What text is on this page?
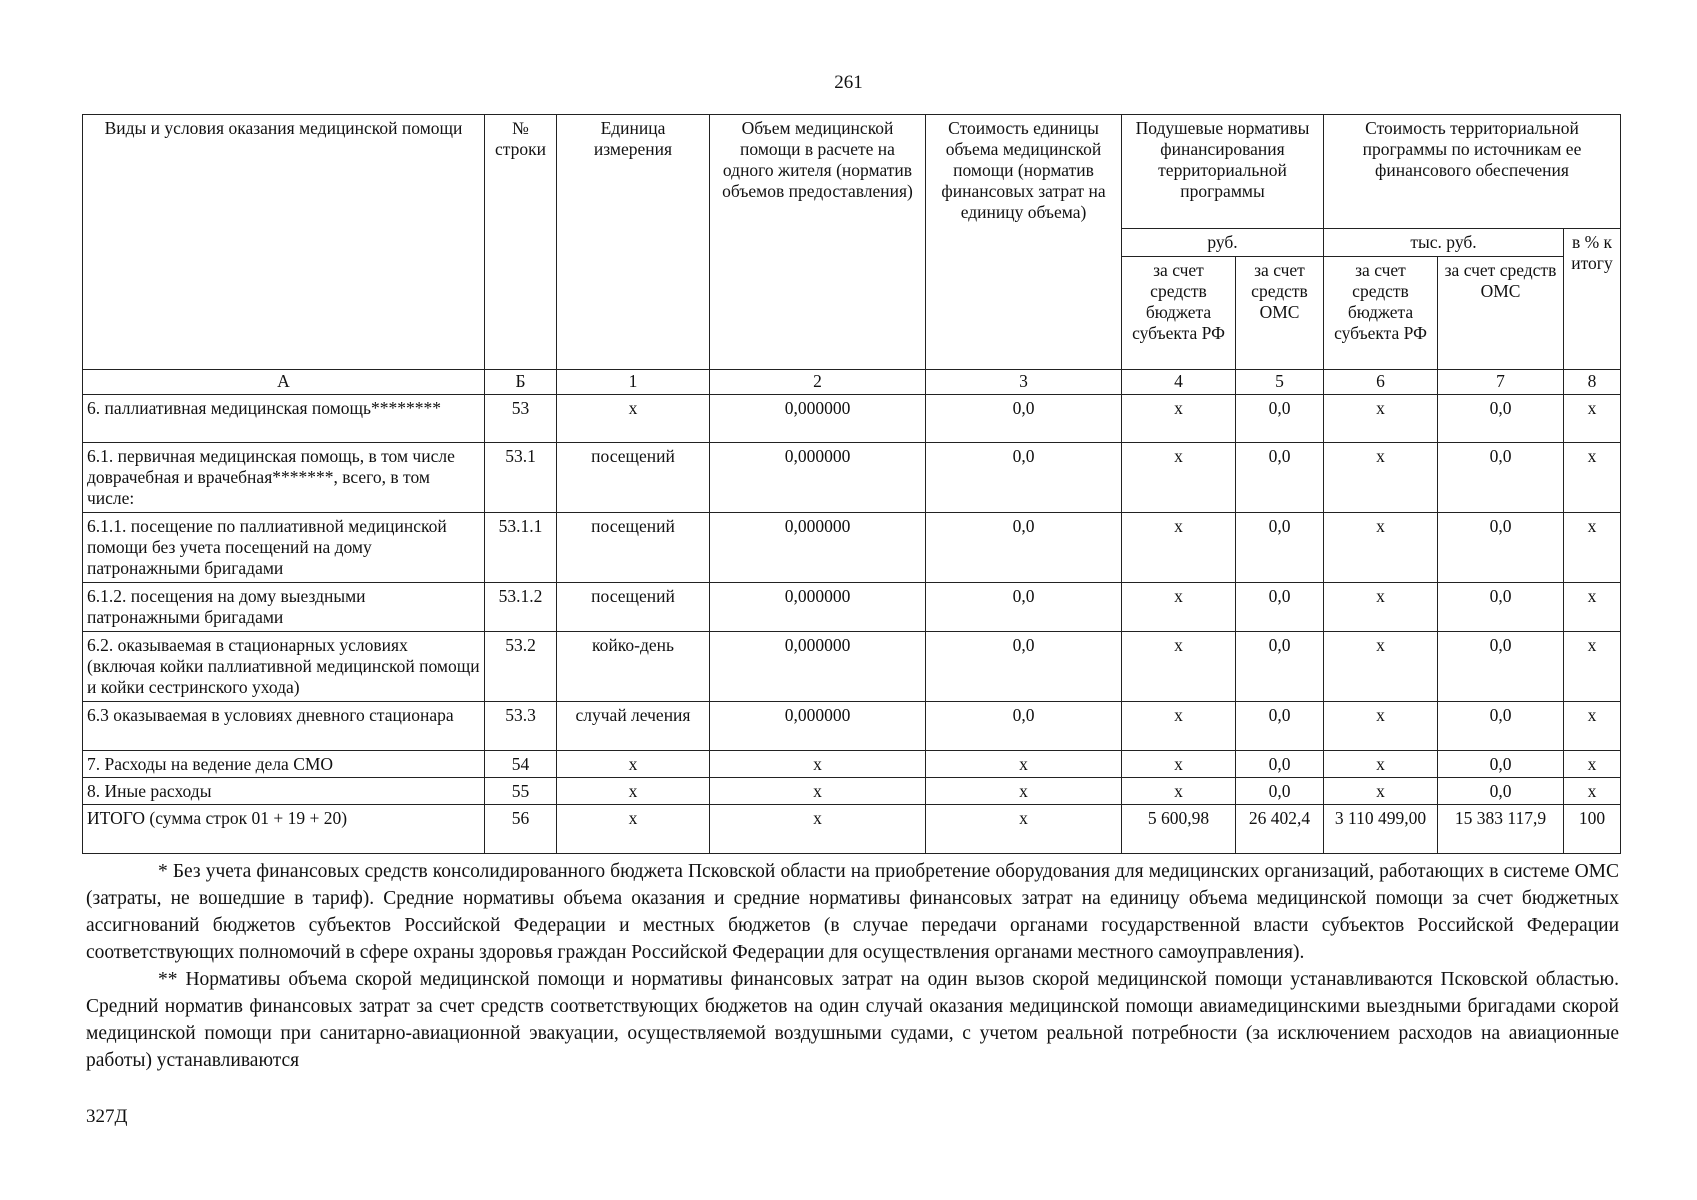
261
Виды и условия оказания медицинской помощи	№ строки	Единица измерения	Объем медицинской помощи в расчете на одного жителя (норматив объемов предоставления)	Стоимость единицы объема медицинской помощи (норматив финансовых затрат на единицу объема)	Подушевые нормативы финансирования территориальной программы		Стоимость территориальной программы по источникам ее финансового обеспечения		
					руб.		тыс. руб.		в % к итогу
					за счет средств бюджета субъекта РФ	за счет средств ОМС	за счет средств бюджета субъекта РФ	за счет средств ОМС	
А	Б	1	2	3	4	5	6	7	8
6. паллиативная медицинская помощь********	53	х	0,000000	0,0	х	0,0	х	0,0	х
6.1. первичная медицинская помощь, в том числе доврачебная и врачебная*******, всего, в том числе:	53.1	посещений	0,000000	0,0	х	0,0	х	0,0	х
6.1.1. посещение по паллиативной медицинской помощи без учета посещений на дому патронажными бригадами	53.1.1	посещений	0,000000	0,0	х	0,0	х	0,0	х
6.1.2. посещения на дому выездными патронажными бригадами	53.1.2	посещений	0,000000	0,0	х	0,0	х	0,0	х
6.2. оказываемая в стационарных условиях (включая койки паллиативной медицинской помощи и койки сестринского ухода)	53.2	койко-день	0,000000	0,0	х	0,0	х	0,0	х
6.3 оказываемая в условиях дневного стационара	53.3	случай лечения	0,000000	0,0	х	0,0	х	0,0	х
7. Расходы на ведение дела СМО	54	х	х	х	х	0,0	х	0,0	х
8. Иные расходы	55	х	х	х	х	0,0	х	0,0	х
ИТОГО (сумма строк 01 + 19 + 20)	56	х	х	х	5 600,98	26 402,4	3 110 499,00	15 383 117,9	100

* Без учета финансовых средств консолидированного бюджета Псковской области на приобретение оборудования для медицинских организаций, работающих в системе ОМС (затраты, не вошедшие в тариф). Средние нормативы объема оказания и средние нормативы финансовых затрат на единицу объема медицинской помощи за счет бюджетных ассигнований бюджетов субъектов Российской Федерации и местных бюджетов (в случае передачи органами государственной власти субъектов Российской Федерации соответствующих полномочий в сфере охраны здоровья граждан Российской Федерации для осуществления органами местного самоуправления).

** Нормативы объема скорой медицинской помощи и нормативы финансовых затрат на один вызов скорой медицинской помощи устанавливаются Псковской областью. Средний норматив финансовых затрат за счет средств соответствующих бюджетов на один случай оказания медицинской помощи авиамедицинскими выездными бригадами скорой медицинской помощи при санитарно-авиационной эвакуации, осуществляемой воздушными судами, с учетом реальной потребности (за исключением расходов на авиационные работы) устанавливаются

327Д
